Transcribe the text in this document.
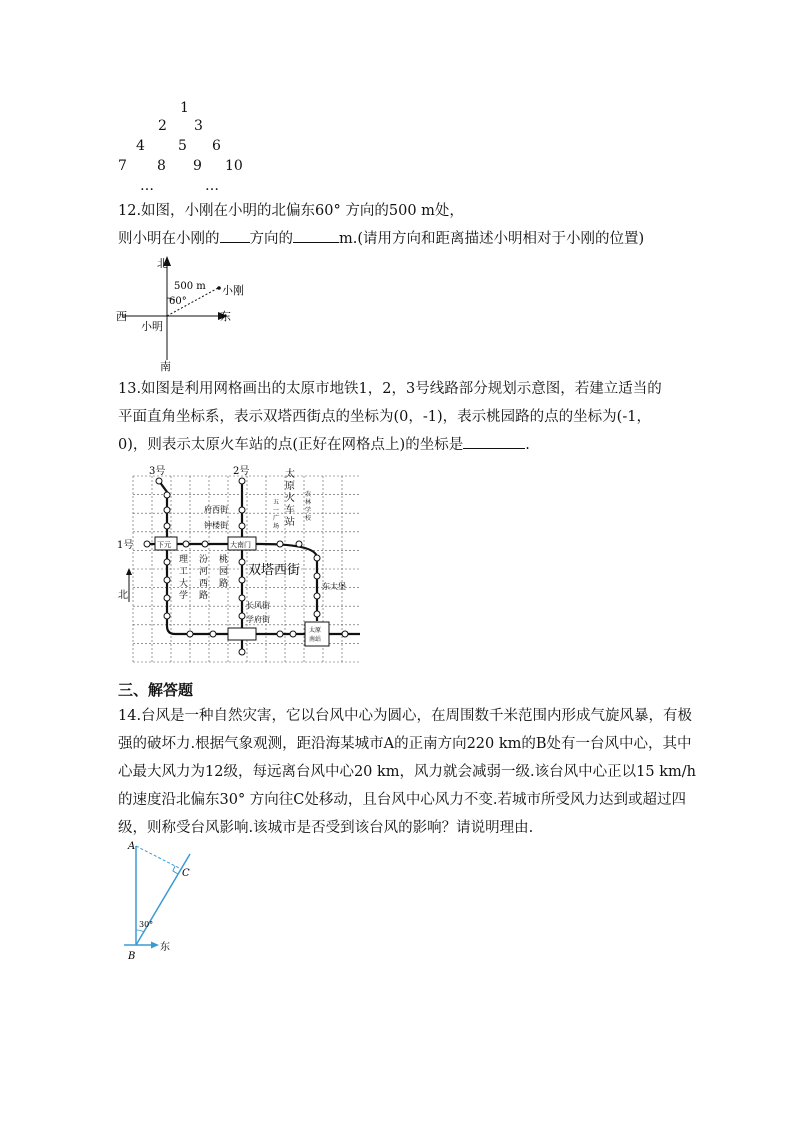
1
2 3
4 5 6
7 8 9 10
…	…
12.如图，小刚在小明的北偏东60° 方向的500 m处，
则小明在小刚的 方向的	m.(请用方向和距离描述小明相对于小刚的位置)
北
南
西	东
500 m
60°
小刚
小明
13.如图是利用网格画出的太原市地铁1，2，3号线路部分规划示意图，若建立适当的
平面直角坐标系，表示双塔西街点的坐标为(0，-1)，表示桃园路的点的坐标为(-1，
0)，则表示太原火车站的点(正好在网格点上)的坐标是	.
3号	2号
1号	下元	大南门
府西街
钟楼街
太 原 火 车 站
五 一 广 场
农 林 学 校
理 工 大 学
汾 河 西 路
桃 园 路
双塔西街
东太堡
长风街
学府街
太原 南站
北
三、解答题
14.台风是一种自然灾害，它以台风中心为圆心，在周围数千米范围内形成气旋风暴，有极
强的破坏力.根据气象观测，距沿海某城市A的正南方向220 km的B处有一台风中心，其中
心最大风力为12级，每远离台风中心20 km，风力就会减弱一级.该台风中心正以15 km/h
的速度沿北偏东30° 方向往C处移动，且台风中心风力不变.若城市所受风力达到或超过四
级，则称受台风影响.该城市是否受到该台风的影响？请说明理由.
A
B
C
30°
东
